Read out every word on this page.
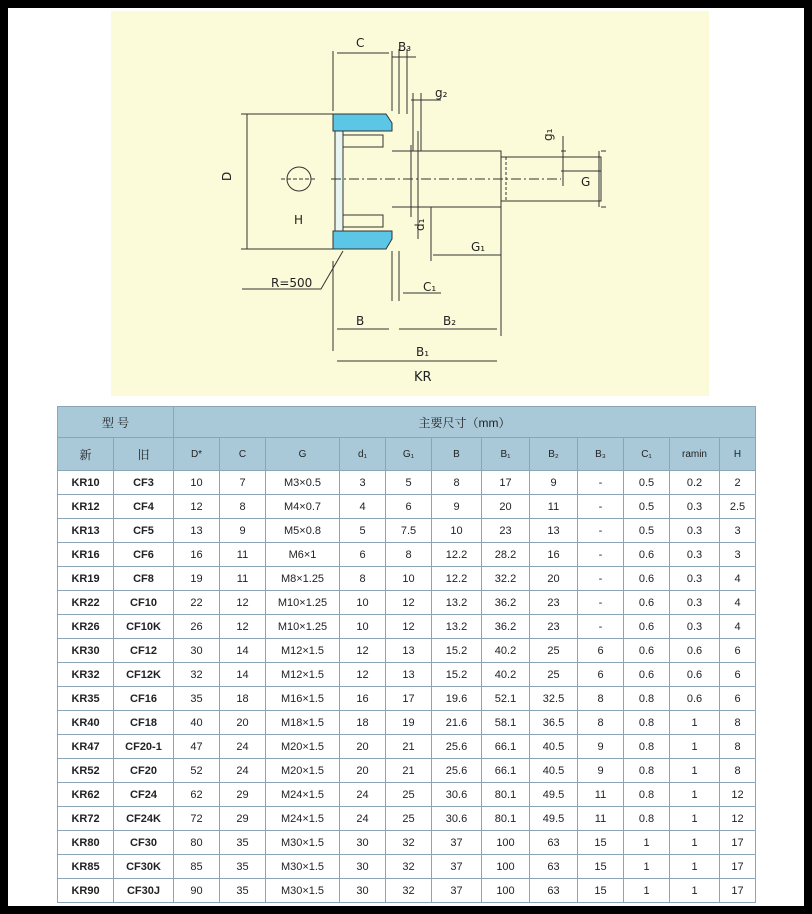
C	B₃
g₂
g₁
D	G
H	d₁
G₁
R=500	C₁
B	B₂
B₁
KR
型 号		主要尺寸（mm）											
新	旧	D*	C	G	d₁	G₁	B	B₁	B₂	B₃	C₁	ramin	H
KR10	CF3	10	7	M3×0.5	3	5	8	17	9	-	0.5	0.2	2
KR12	CF4	12	8	M4×0.7	4	6	9	20	11	-	0.5	0.3	2.5
KR13	CF5	13	9	M5×0.8	5	7.5	10	23	13	-	0.5	0.3	3
KR16	CF6	16	11	M6×1	6	8	12.2	28.2	16	-	0.6	0.3	3
KR19	CF8	19	11	M8×1.25	8	10	12.2	32.2	20	-	0.6	0.3	4
KR22	CF10	22	12	M10×1.25	10	12	13.2	36.2	23	-	0.6	0.3	4
KR26	CF10K	26	12	M10×1.25	10	12	13.2	36.2	23	-	0.6	0.3	4
KR30	CF12	30	14	M12×1.5	12	13	15.2	40.2	25	6	0.6	0.6	6
KR32	CF12K	32	14	M12×1.5	12	13	15.2	40.2	25	6	0.6	0.6	6
KR35	CF16	35	18	M16×1.5	16	17	19.6	52.1	32.5	8	0.8	0.6	6
KR40	CF18	40	20	M18×1.5	18	19	21.6	58.1	36.5	8	0.8	1	8
KR47	CF20-1	47	24	M20×1.5	20	21	25.6	66.1	40.5	9	0.8	1	8
KR52	CF20	52	24	M20×1.5	20	21	25.6	66.1	40.5	9	0.8	1	8
KR62	CF24	62	29	M24×1.5	24	25	30.6	80.1	49.5	11	0.8	1	12
KR72	CF24K	72	29	M24×1.5	24	25	30.6	80.1	49.5	11	0.8	1	12
KR80	CF30	80	35	M30×1.5	30	32	37	100	63	15	1	1	17
KR85	CF30K	85	35	M30×1.5	30	32	37	100	63	15	1	1	17
KR90	CF30J	90	35	M30×1.5	30	32	37	100	63	15	1	1	17
